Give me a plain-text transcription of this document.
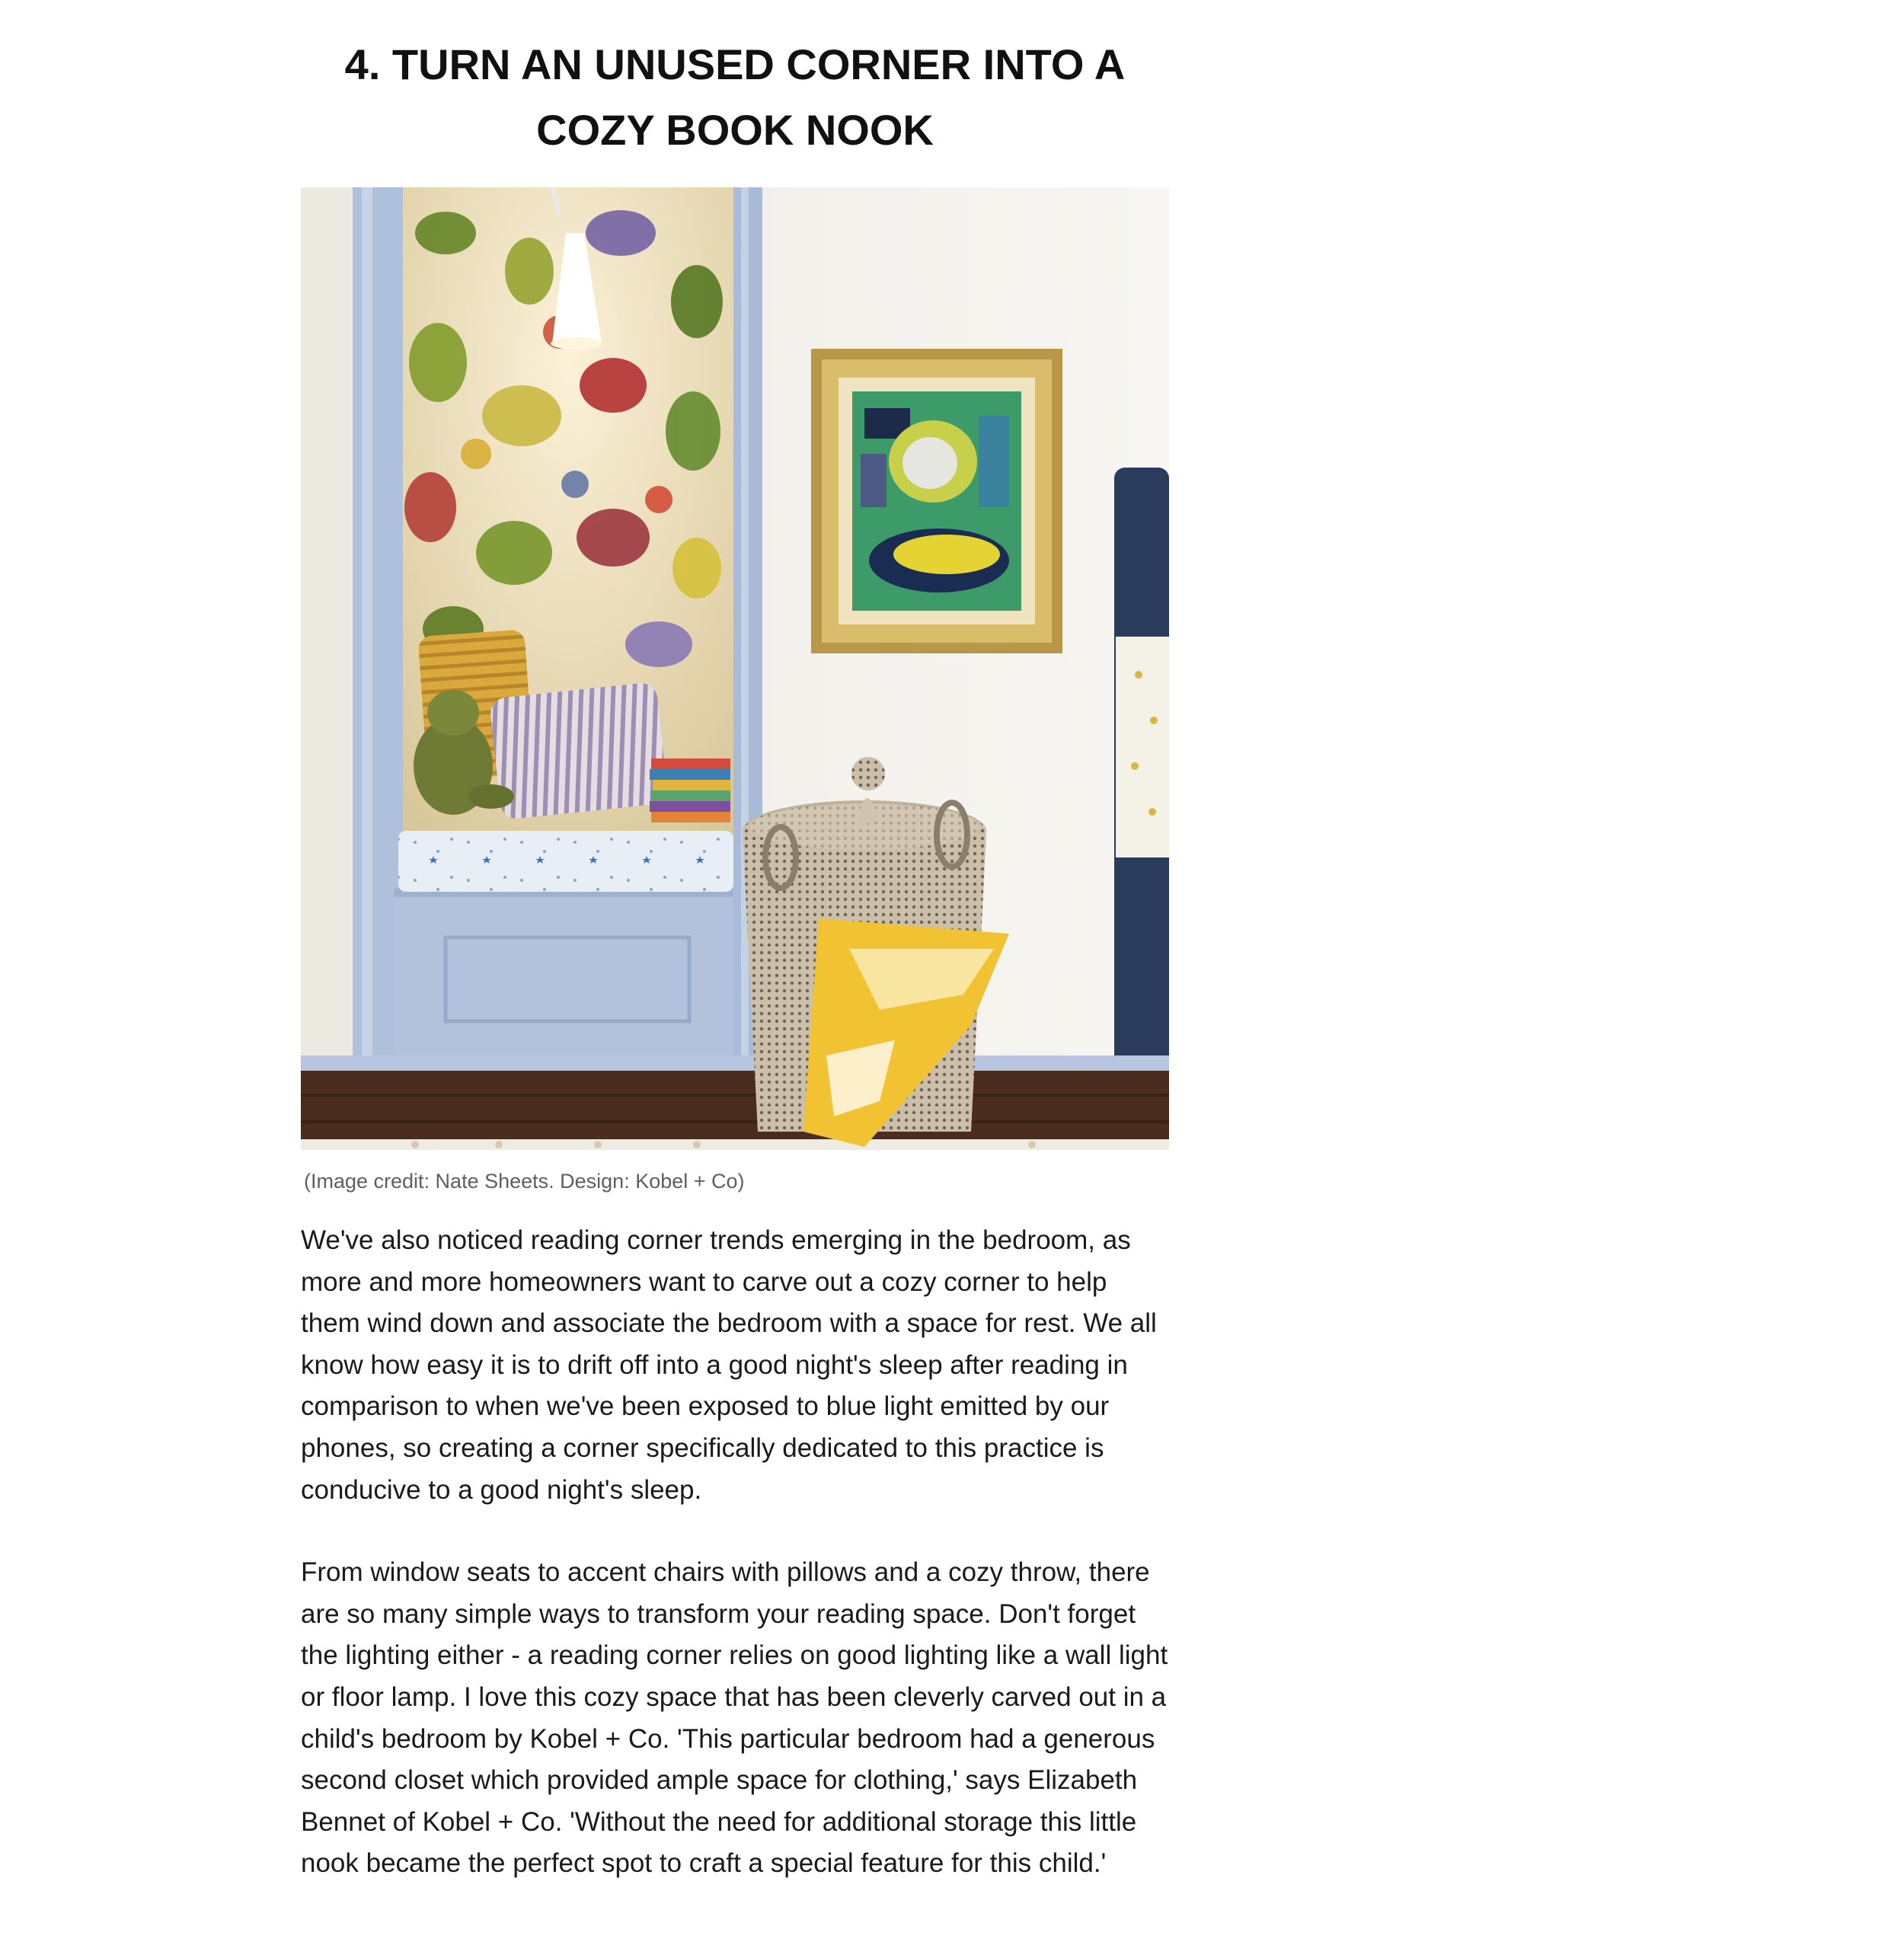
4. TURN AN UNUSED CORNER INTO A COZY BOOK NOOK
(Image credit: Nate Sheets. Design: Kobel + Co)

We've also noticed reading corner trends emerging in the bedroom, as more and more homeowners want to carve out a cozy corner to help them wind down and associate the bedroom with a space for rest. We all know how easy it is to drift off into a good night's sleep after reading in comparison to when we've been exposed to blue light emitted by our phones, so creating a corner specifically dedicated to this practice is conducive to a good night's sleep.

From window seats to accent chairs with pillows and a cozy throw, there are so many simple ways to transform your reading space. Don't forget the lighting either - a reading corner relies on good lighting like a wall light or floor lamp. I love this cozy space that has been cleverly carved out in a child's bedroom by Kobel + Co. 'This particular bedroom had a generous second closet which provided ample space for clothing,' says Elizabeth Bennet of Kobel + Co. 'Without the need for additional storage this little nook became the perfect spot to craft a special feature for this child.'
